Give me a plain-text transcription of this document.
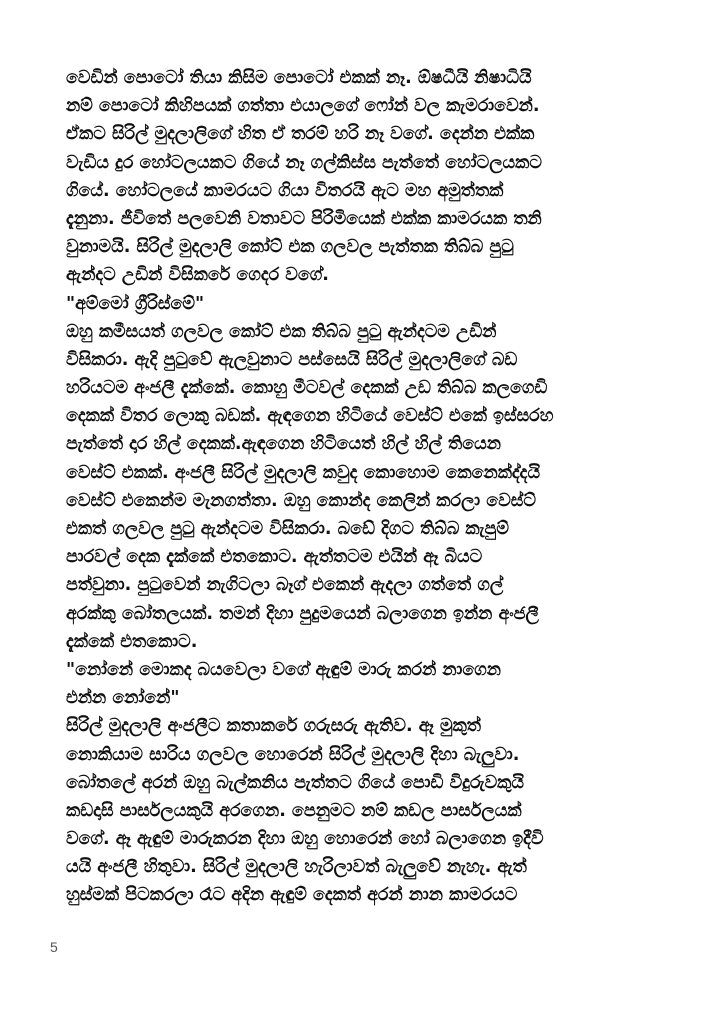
වෙඩින් පොටෝ තියා කිසිම පොටෝ එකක් නෑ. ඕෂධීයි නිෂාධියි
නම් පොටෝ කිහිපයක් ගත්තා එයාලගේ ෆෝන් වල කැමරාවෙන්.
ඒකට සිරිල් මුදලාලිගේ හිත ඒ තරම් හරි නෑ වගේ. දෙන්න එක්ක
වැඩිය දුර හෝටලයකට ගියේ නෑ ගල්කිස්ස පැත්තේ හෝටලයකට
ගියේ. හෝටලයේ කාමරයට ගියා විතරයි ඇට මහ අමුත්තක්
දැනුනා. ජීවිතේ පලවෙනි වතාවට පිරිමියෙක් එක්ක කාමරයක තනි
වුනාමයි. සිරිල් මුදලාලි කෝට් එක ගලවල පැත්තක තිබ්බ පුටු
ඇන්දට උඩින් විසිකරේ ගෙදර වගේ.
"අම්මෝ ග්‍රීරිස්මේ"
ඔහු කමීසයත් ගලවල කෝට් එක තිබ්බ පුටු ඇන්දටම උඩින්
විසිකරා. ඇදි පුටුවේ ඇලවුනාට පස්සෙයි සිරිල් මුදලාලිගේ බඩ
හරියටම අංජලී දැක්කේ. කොහු මීටවල් දෙකක් උඩ තිබ්බ කලගෙඩි
දෙකක් විතර ලොකු බඩක්. ඇඳගෙන හිටියේ වෙස්ට් එකේ ඉස්සරහ
පැත්තේ දාර හිල් දෙකක්.ඇඳගෙන හිටියෙත් හිල් හිල් තියෙන
වෙස්ට් එකක්. අංජලී සිරිල් මුදලාලි කවුද කොහොම කෙනෙක්ද්දයි
වෙස්ට් එකෙන්ම මැනගත්තා. ඔහු කොන්ද කෙලින් කරලා වෙස්ට්
එකත් ගලවල පුටු ඇන්දටම විසිකරා. බඩේ දිගට තිබ්බ කැපුම්
පාරවල් දෙක දැක්කේ එතකොට. ඇත්තටම එයින් ඈ බියට
පත්වුනා. පුටුවෙන් නැගිටලා බෑග් එකෙන් ඇදලා ගත්තේ ගල්
අරක්කු බෝතලයක්. තමන් දිහා පුදුමයෙන් බලාගෙන ඉන්න අංජලී
දැක්කේ එතකොට.
"නෝනේ මොකද බයවෙලා වගේ ඇඳුම් මාරු කරන් නාගෙන
එන්න නෝනේ"
සිරිල් මුදලාලි අංජලීට කතාකරේ ගරුසරු ඇතිව. ඈ මුකුත්
නොකියාම සාරිය ගලවල හොරෙන් සිරිල් මුදලාලි දිහා බැලුවා.
බෝතලේ අරන් ඔහු බැල්කනිය පැත්තට ගියේ පොඩි විදුරුවකුයි
කඩදාසි පාර්සලයකුයි අරගෙන. පෙනුමට නම් කඩල පාර්සලයක්
වගේ. ඈ ඇඳුම් මාරුකරන දිහා ඔහු හොරෙන් හෝ බලාගෙන ඉදීවි
යයි අංජලී හිතුවා. සිරිල් මුදලාලි හැරිලාවත් බැලුවේ නැහැ. ඇත්
හුස්මක් පිටකරලා රෑට අදින ඇඳුම් දෙකත් අරන් නාන කාමරයට
5
